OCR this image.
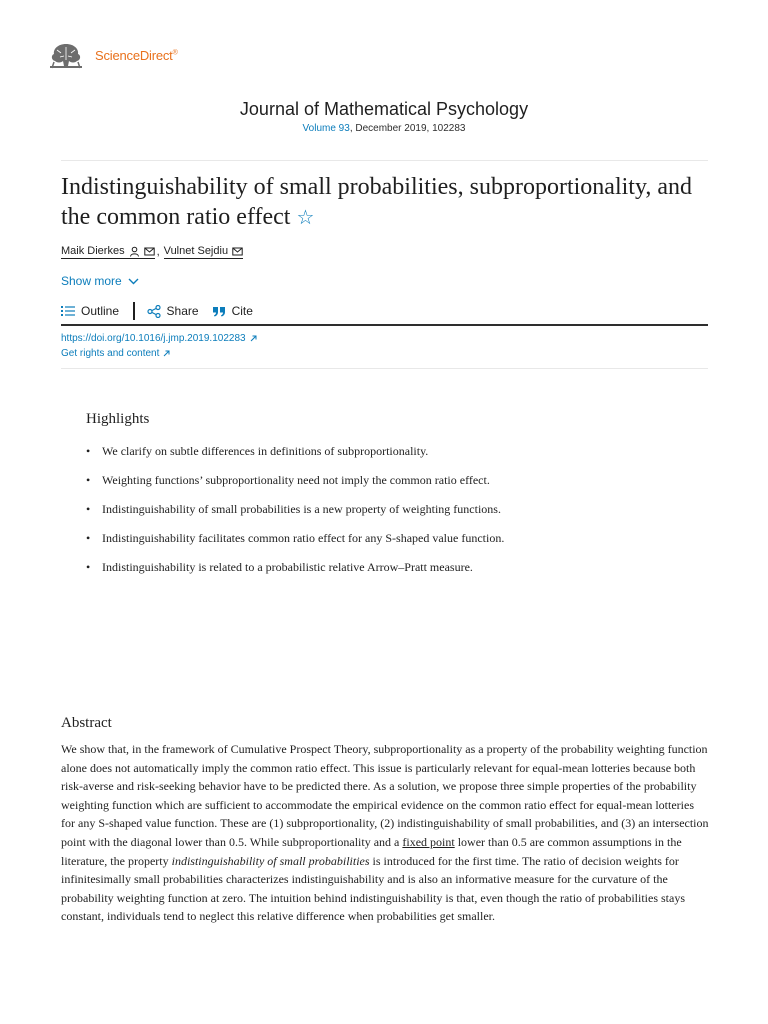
ScienceDirect®
Journal of Mathematical Psychology
Volume 93, December 2019, 102283
Indistinguishability of small probabilities, subproportionality, and the common ratio effect ☆
Maik Dierkes	, Vulnet Sejdiu
Show more
Outline	Share	Cite
https://doi.org/10.1016/j.jmp.2019.102283
Get rights and content
Highlights
• We clarify on subtle differences in definitions of subproportionality.
• Weighting functions’ subproportionality need not imply the common ratio effect.
• Indistinguishability of small probabilities is a new property of weighting functions.
• Indistinguishability facilitates common ratio effect for any S-shaped value function.
• Indistinguishability is related to a probabilistic relative Arrow–Pratt measure.
Abstract

We show that, in the framework of Cumulative Prospect Theory, subproportionality as a property of the probability weighting function alone does not automatically imply the common ratio effect. This issue is particularly relevant for equal-mean lotteries because both risk-averse and risk-seeking behavior have to be predicted there. As a solution, we propose three simple properties of the probability weighting function which are sufficient to accommodate the empirical evidence on the common ratio effect for equal-mean lotteries for any S-shaped value function. These are (1) subproportionality, (2) indistinguishability of small probabilities, and (3) an intersection point with the diagonal lower than 0.5. While subproportionality and a fixed point lower than 0.5 are common assumptions in the literature, the property indistinguishability of small probabilities is introduced for the first time. The ratio of decision weights for infinitesimally small probabilities characterizes indistinguishability and is also an informative measure for the curvature of the probability weighting function at zero. The intuition behind indistinguishability is that, even though the ratio of probabilities stays constant, individuals tend to neglect this relative difference when probabilities get smaller.
